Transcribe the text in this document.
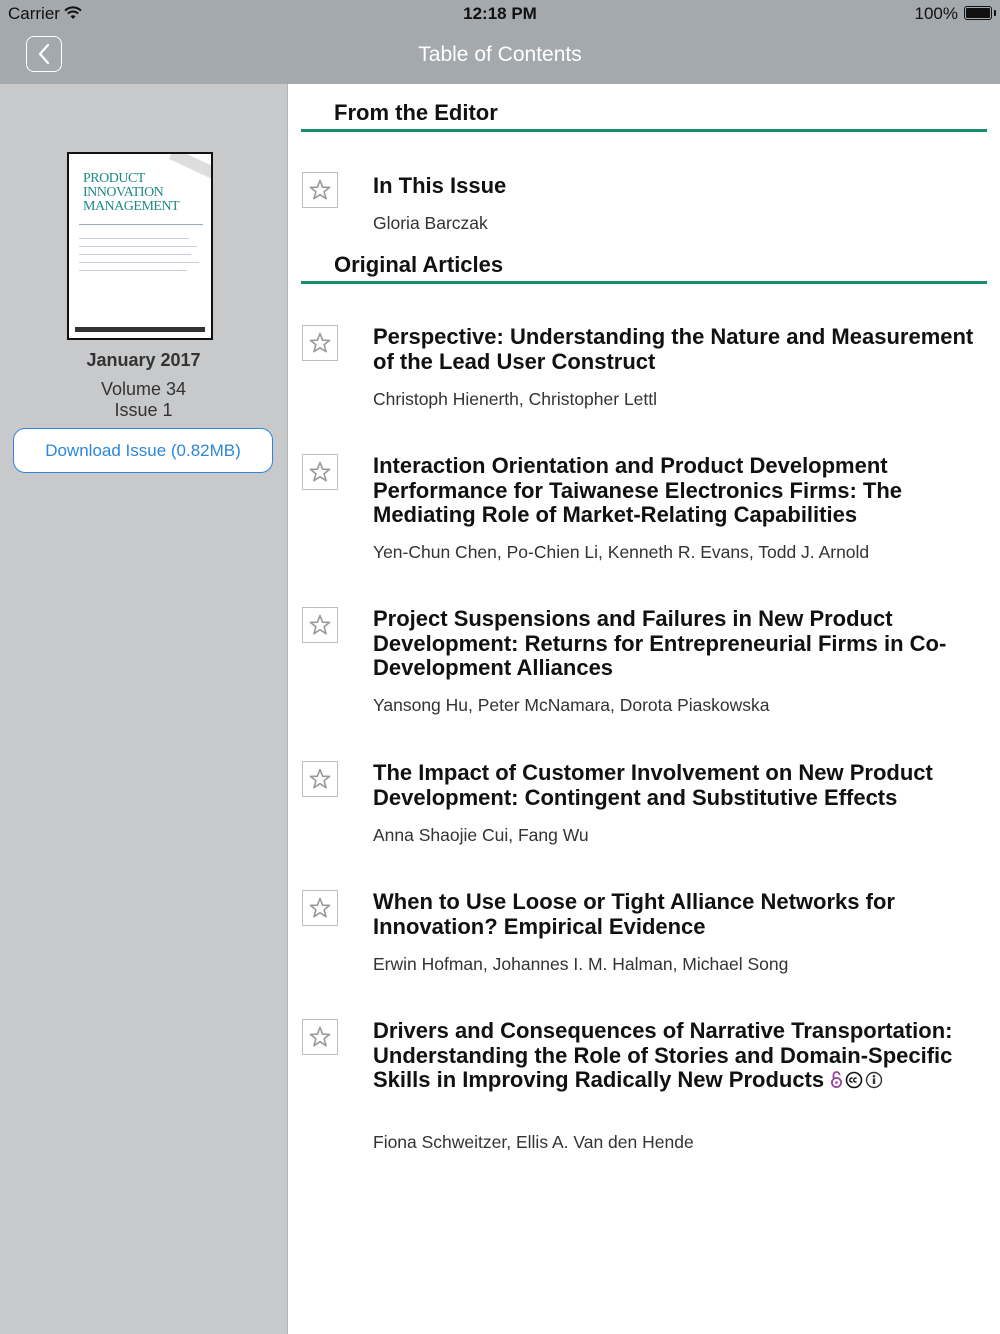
Carrier	12:18 PM	100%
Table of Contents
PRODUCT
INNOVATION
MANAGEMENT
January 2017
Volume 34
Issue 1
Download Issue (0.82MB)
From the Editor
In This Issue
Gloria Barczak
Original Articles
Perspective: Understanding the Nature and Measurement of the Lead User Construct
Christoph Hienerth, Christopher Lettl
Interaction Orientation and Product Development Performance for Taiwanese Electronics Firms: The Mediating Role of Market-Relating Capabilities
Yen-Chun Chen, Po-Chien Li, Kenneth R. Evans, Todd J. Arnold
Project Suspensions and Failures in New Product Development: Returns for Entrepreneurial Firms in Co-Development Alliances
Yansong Hu, Peter McNamara, Dorota Piaskowska
The Impact of Customer Involvement on New Product Development: Contingent and Substitutive Effects
Anna Shaojie Cui, Fang Wu
When to Use Loose or Tight Alliance Networks for Innovation? Empirical Evidence
Erwin Hofman, Johannes I. M. Halman, Michael Song
Drivers and Consequences of Narrative Transportation: Understanding the Role of Stories and Domain-Specific Skills in Improving Radically New Products
Fiona Schweitzer, Ellis A. Van den Hende
